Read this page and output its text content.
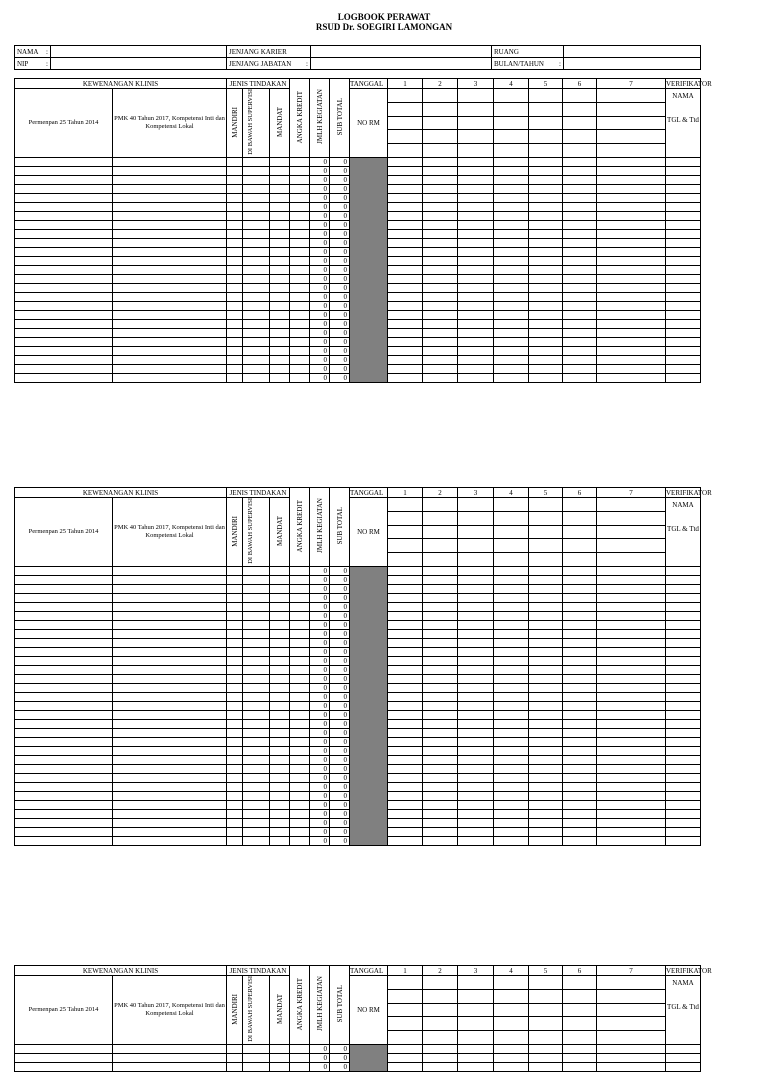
LOGBOOK PERAWAT
RSUD Dr. SOEGIRI LAMONGAN
NAMA :		JENJANG KARIER		RUANG	
NIP :		JENJANG JABATAN :		BULAN/TAHUN :	

KEWENANGAN KLINIS		JENIS TINDAKAN			ANGKA KREDIT	JMLH KEGIATAN	SUB TOTAL	TANGGAL	1	2	3	4	5	6	7	VERIFIKATOR
Permenpan 25 Tahun 2014	PMK 40 Tahun 2017, Kompetensi Inti dan Kompetensi Lokal	MANDIRI	DI BAWAH SUPERVISI	MANDAT				NO RM								NAMA
TGL & Ttd

						0	0									
						0	0									
						0	0									
						0	0									
						0	0									
						0	0									
						0	0									
						0	0									
						0	0									
						0	0									
						0	0									
						0	0									
						0	0									
						0	0									
						0	0									
						0	0									
						0	0									
						0	0									
						0	0									
						0	0									
						0	0									
						0	0									
						0	0									
						0	0									
						0	0									
KEWENANGAN KLINIS		JENIS TINDAKAN			ANGKA KREDIT	JMLH KEGIATAN	SUB TOTAL	TANGGAL	1	2	3	4	5	6	7	VERIFIKATOR
Permenpan 25 Tahun 2014	PMK 40 Tahun 2017, Kompetensi Inti dan Kompetensi Lokal	MANDIRI	DI BAWAH SUPERVISI	MANDAT				NO RM								NAMA
TGL & Ttd

						0	0									
						0	0									
						0	0									
						0	0									
						0	0									
						0	0									
						0	0									
						0	0									
						0	0									
						0	0									
						0	0									
						0	0									
						0	0									
						0	0									
						0	0									
						0	0									
						0	0									
						0	0									
						0	0									
						0	0									
						0	0									
						0	0									
						0	0									
						0	0									
						0	0									
						0	0									
						0	0									
						0	0									
						0	0									
						0	0									
						0	0									
KEWENANGAN KLINIS		JENIS TINDAKAN			ANGKA KREDIT	JMLH KEGIATAN	SUB TOTAL	TANGGAL	1	2	3	4	5	6	7	VERIFIKATOR
Permenpan 25 Tahun 2014	PMK 40 Tahun 2017, Kompetensi Inti dan Kompetensi Lokal	MANDIRI	DI BAWAH SUPERVISI	MANDAT				NO RM								NAMA
TGL & Ttd

						0	0									
						0	0									
						0	0									
